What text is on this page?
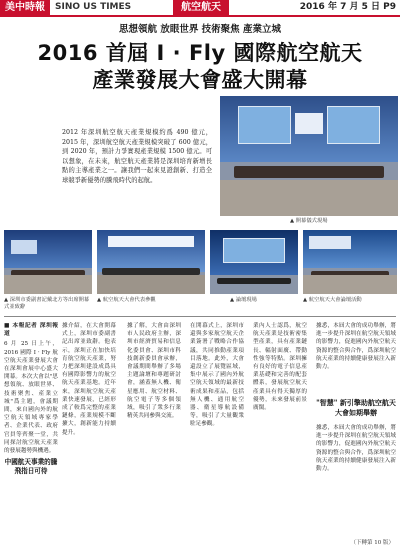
美中時報	SINO US TIMES	航空航天	2016 年 7 月 5 日 P9
思想領航 放眼世界 技術聚焦 產業立城
2016 首屆 I · Fly 國際航空航天
產業發展大會盛大開幕
2012 年深圳航空航天產業規模約爲 490 億元，2015 年，深圳航空航天產業規模突破了 600 億元，到 2020 年，預計力爭實現產業規模 1500 億元。可以想象，在未來，航空航天產業將是深圳培育新增長點的主導產業之一。讓我們一起來見證創新、打造全球競爭新優勢的騰飛時代的起航。
▲ 開幕儀式現場
▲ 深圳市委副書記戴北方等出席開幕式並致辭
▲ 航空航天大會代表參觀	▲ 論壇現場	▲ 航空航天大會論壇活動
■ 本報記者 深圳報道
6 月 25 日上午，2016 國際 I · Fly 航空航天產業發展大會在深圳會展中心盛大開幕。本次大會以"思想領航、放眼世界、技術聚焦、產業立城"爲主題，會議期間，來自國內外的航空航天領域專家學者、企業代表、政府官員等齊聚一堂，共同探討航空航天產業的發展趨勢與機遇。
中國航天事業的騰飛指日可待
據介紹，在大會開幕式上，深圳市委副書記出席並致辭。他表示，深圳正在加快培育航空航天產業，努力把深圳建設成爲具有國際影響力的航空航天產業基地。近年來，深圳航空航天產業快速發展，已經形成了較爲完整的產業鏈條，產業規模不斷擴大，創新能力持續提升。
據了解，大會由深圳市人民政府主辦，深圳市經濟貿易和信息化委員會、深圳市科技創新委員會承辦，會議期間舉辦了多場主題論壇和專題研討會，涵蓋無人機、衛星應用、航空材料、航空電子等多個領域，吸引了衆多行業精英共同參與交流。
在開幕式上，深圳市還與多家航空航天企業簽署了戰略合作協議，共同推動產業項目落地。此外，大會還設立了展覽區域，集中展示了國內外航空航天領域的最新技術成果和產品，包括無人機、通用航空器、衛星導航設備等，吸引了大量觀衆駐足參觀。
業內人士認爲，航空航天產業是技術密集型產業，具有產業鏈長、輻射面廣、帶動性強等特點。深圳擁有良好的電子信息產業基礎和完善的配套體系，發展航空航天產業具有得天獨厚的優勢，未來發展前景廣闊。
據悉，本屆大會的成功舉辦，將進一步提升深圳在航空航天領域的影響力，促進國內外航空航天資源的整合與合作，爲深圳航空航天產業的持續健康發展注入新動力。
"智慧" 新引擎助航空航天大會如期舉辦
據悉，本屆大會的成功舉辦，將進一步提升深圳在航空航天領域的影響力，促進國內外航空航天資源的整合與合作，爲深圳航空航天產業的持續健康發展注入新動力。
（下轉第 10 版）
